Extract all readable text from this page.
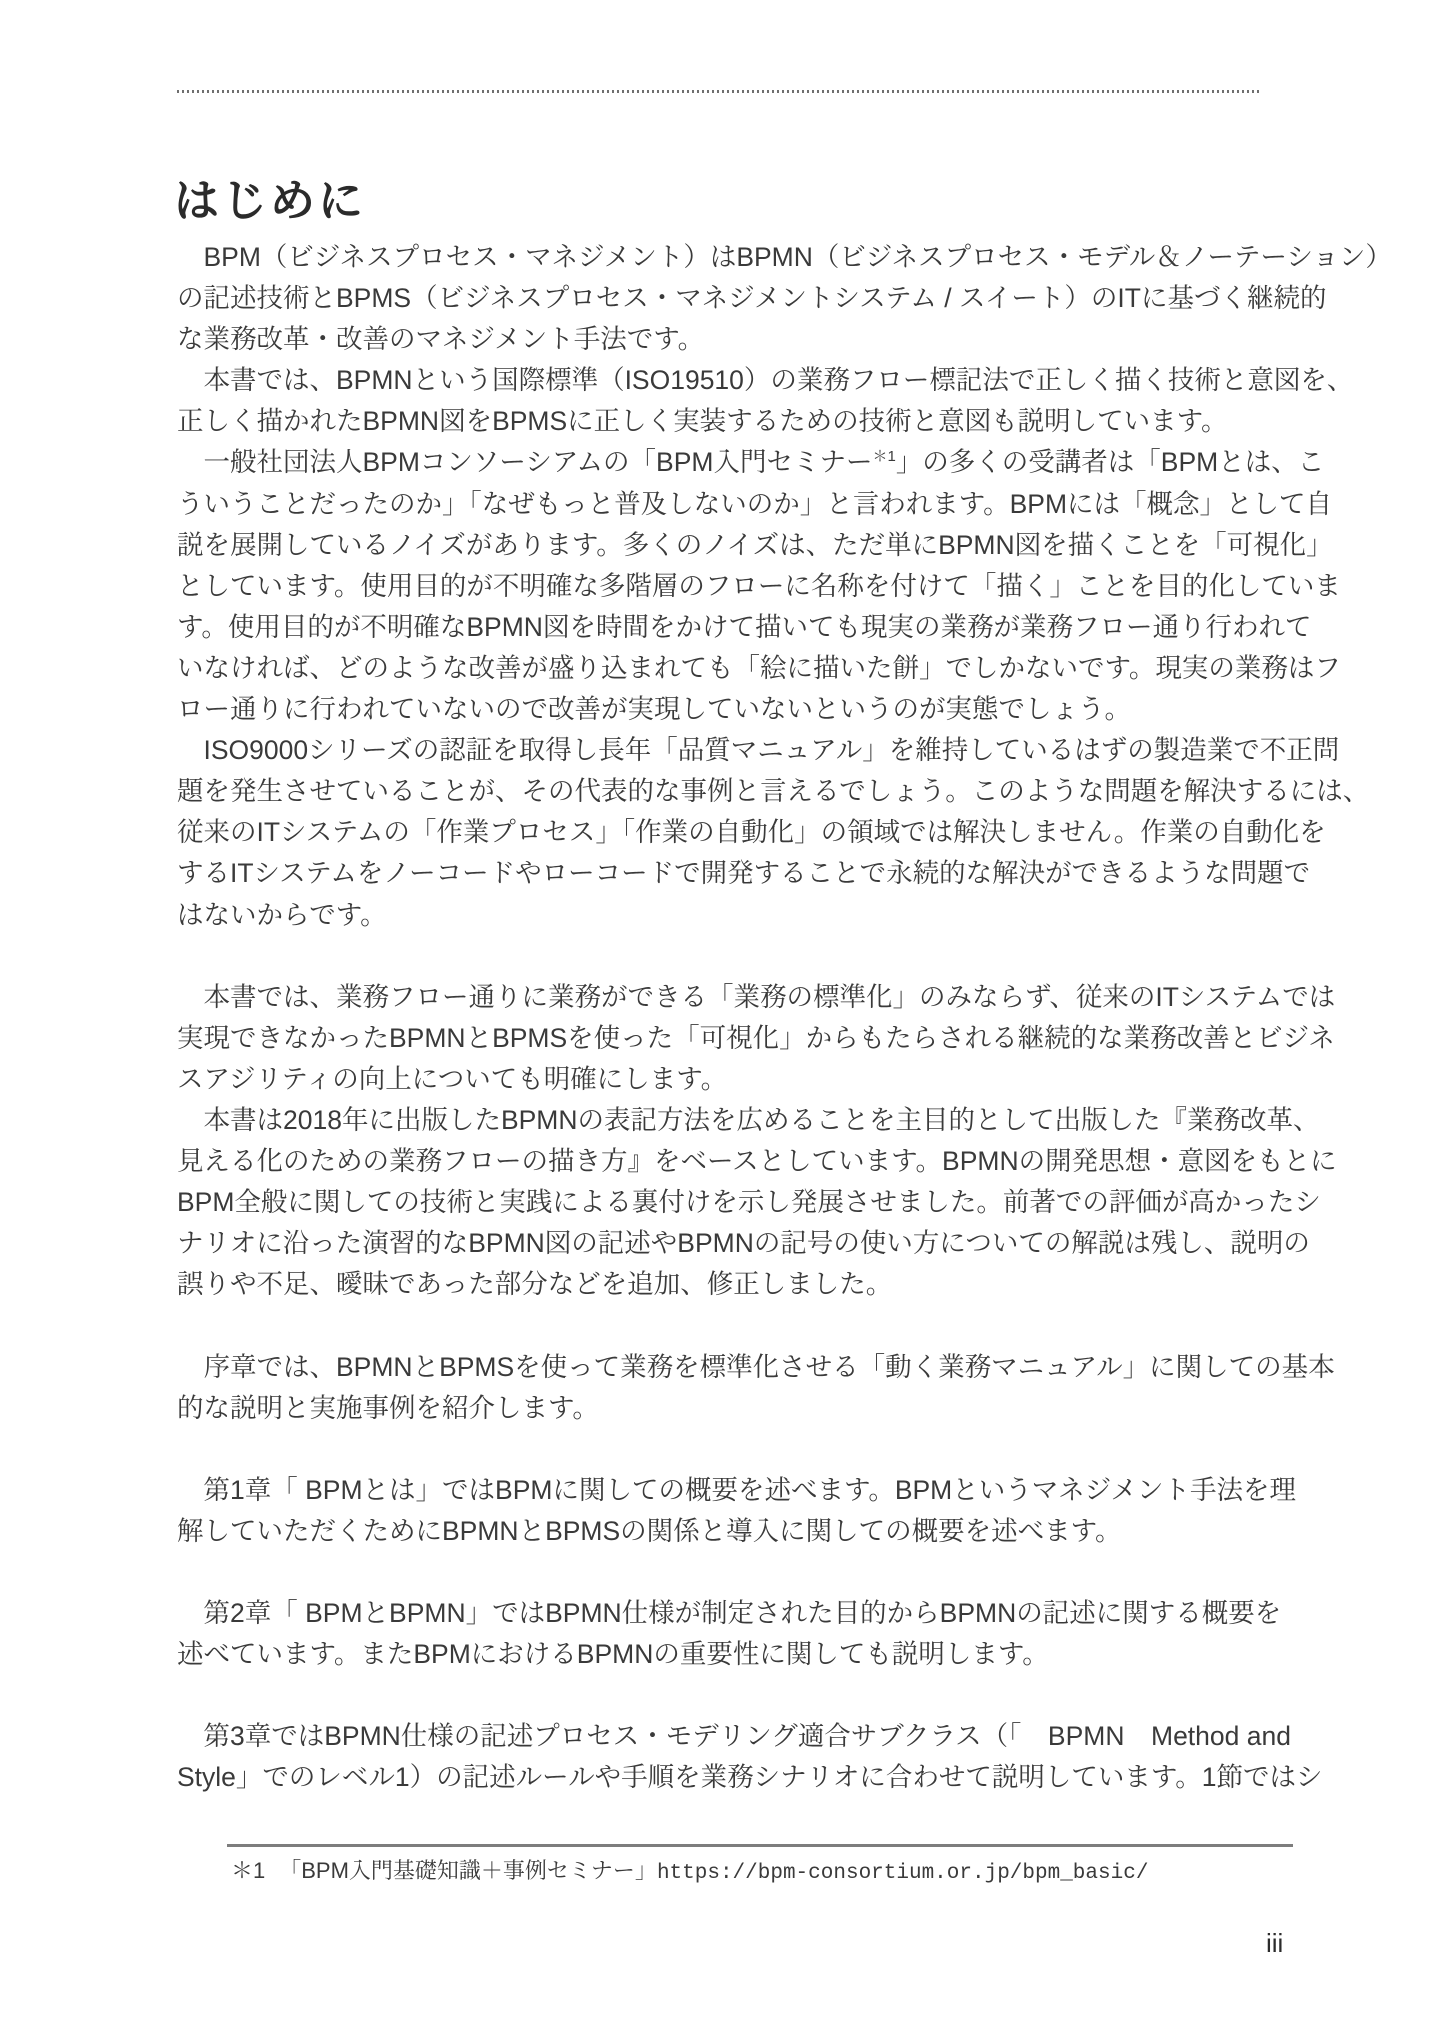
はじめに
　BPM（ビジネスプロセス・マネジメント）はBPMN（ビジネスプロセス・モデル＆ノーテーション）
の記述技術とBPMS（ビジネスプロセス・マネジメントシステム / スイート）のITに基づく継続的
な業務改革・改善のマネジメント手法です。
　本書では、BPMNという国際標準（ISO19510）の業務フロー標記法で正しく描く技術と意図を、
正しく描かれたBPMN図をBPMSに正しく実装するための技術と意図も説明しています。
　一般社団法人BPMコンソーシアムの「BPM入門セミナー$^{*1}$」の多くの受講者は「BPMとは、こ
ういうことだったのか」「なぜもっと普及しないのか」と言われます。BPMには「概念」として自
説を展開しているノイズがあります。多くのノイズは、ただ単にBPMN図を描くことを「可視化」
としています。使用目的が不明確な多階層のフローに名称を付けて「描く」ことを目的化していま
す。使用目的が不明確なBPMN図を時間をかけて描いても現実の業務が業務フロー通り行われて
いなければ、どのような改善が盛り込まれても「絵に描いた餅」でしかないです。現実の業務はフ
ロー通りに行われていないので改善が実現していないというのが実態でしょう。
　ISO9000シリーズの認証を取得し長年「品質マニュアル」を維持しているはずの製造業で不正問
題を発生させていることが、その代表的な事例と言えるでしょう。このような問題を解決するには、
従来のITシステムの「作業プロセス」「作業の自動化」の領域では解決しません。作業の自動化を
するITシステムをノーコードやローコードで開発することで永続的な解決ができるような問題で
はないからです。
　本書では、業務フロー通りに業務ができる「業務の標準化」のみならず、従来のITシステムでは
実現できなかったBPMNとBPMSを使った「可視化」からもたらされる継続的な業務改善とビジネ
スアジリティの向上についても明確にします。
　本書は2018年に出版したBPMNの表記方法を広めることを主目的として出版した『業務改革、
見える化のための業務フローの描き方』をベースとしています。BPMNの開発思想・意図をもとに
BPM全般に関しての技術と実践による裏付けを示し発展させました。前著での評価が高かったシ
ナリオに沿った演習的なBPMN図の記述やBPMNの記号の使い方についての解説は残し、説明の
誤りや不足、曖昧であった部分などを追加、修正しました。
　序章では、BPMNとBPMSを使って業務を標準化させる「動く業務マニュアル」に関しての基本
的な説明と実施事例を紹介します。
　第1章「 BPMとは」ではBPMに関しての概要を述べます。BPMというマネジメント手法を理
解していただくためにBPMNとBPMSの関係と導入に関しての概要を述べます。
　第2章「 BPMとBPMN」ではBPMN仕様が制定された目的からBPMNの記述に関する概要を
述べています。またBPMにおけるBPMNの重要性に関しても説明します。
　第3章ではBPMN仕様の記述プロセス・モデリング適合サブクラス（「　BPMN　Method and
Style」でのレベル1）の記述ルールや手順を業務シナリオに合わせて説明しています。1節ではシ
＊1 「BPM入門基礎知識＋事例セミナー」https://bpm-consortium.or.jp/bpm_basic/
iii
